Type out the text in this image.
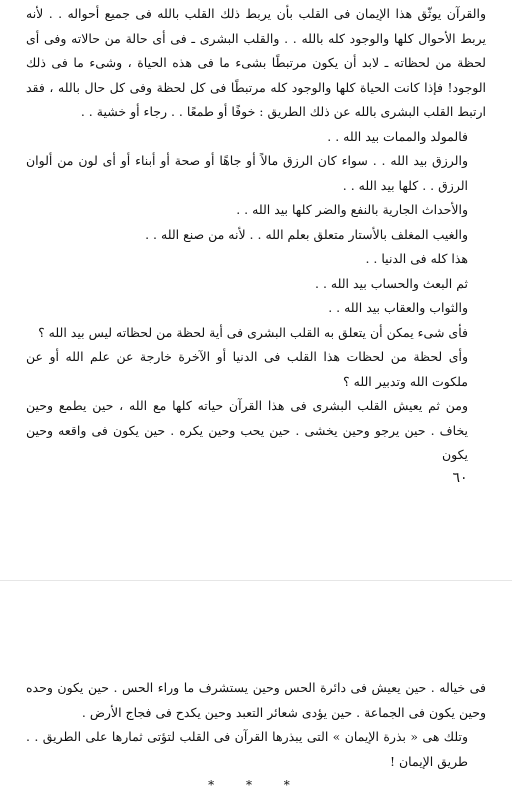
والقرآن يوثّق هذا الإيمان فى القلب بأن يربط ذلك القلب بالله فى جميع أحواله . . لأنه يربط الأحوال كلها والوجود كله بالله . . والقلب البشرى ـ فى أى حالة من حالاته وفى أى لحظة من لحظاته ـ لابد أن يكون مرتبطًا بشىء ما فى هذه الحياة ، وشىء ما فى ذلك الوجود! فإذا كانت الحياة كلها والوجود كله مرتبطًا فى كل لحظة وفى كل حال بالله ، فقد ارتبط القلب البشرى بالله عن ذلك الطريق : خوفًا أو طمعًا . . رجاء أو خشية . .

فالمولد والممات بيد الله . .

والرزق بيد الله . . سواء كان الرزق مالاً أو جاهًا أو صحة أو أبناء أو أى لون من ألوان الرزق . . كلها بيد الله . .

والأحداث الجارية بالنفع والضر كلها بيد الله . .

والغيب المغلف بالأستار متعلق بعلم الله . . لأنه من صنع الله . .

هذا كله فى الدنيا . .

ثم البعث والحساب بيد الله . .

والثواب والعقاب بيد الله . .

فأى شىء يمكن أن يتعلق به القلب البشرى فى أية لحظة من لحظاته ليس بيد الله ؟

وأى لحظة من لحظات هذا القلب فى الدنيا أو الآخرة خارجة عن علم الله أو عن ملكوت الله وتدبير الله ؟

ومن ثم يعيش القلب البشرى فى هذا القرآن حياته كلها مع الله ، حين يطمع وحين يخاف . حين يرجو وحين يخشى . حين يحب وحين يكره . حين يكون فى واقعه وحين يكون

٦٠

فى خياله . حين يعيش فى دائرة الحس وحين يستشرف ما وراء الحس . حين يكون وحده وحين يكون فى الجماعة . حين يؤدى شعائر التعبد وحين يكدح فى فجاج الأرض .

وتلك هى « بذرة الإيمان » التى يبذرها القرآن فى القلب لتؤتى ثمارها على الطريق . . طريق الإيمان !

* * *
